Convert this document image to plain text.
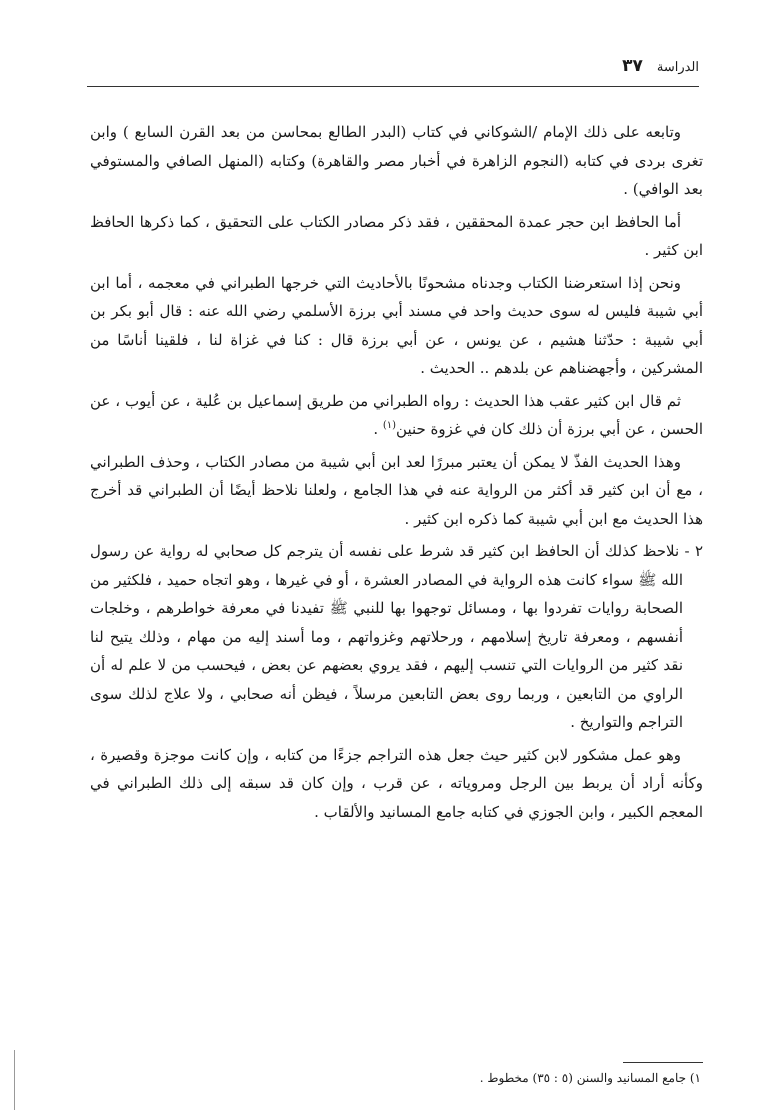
الدراسة
٣٧

وتابعه على ذلك الإمام /الشوكاني في كتاب (البدر الطالع بمحاسن من بعد القرن السابع ) وابن تغرى بردى في كتابه (النجوم الزاهرة في أخبار مصر والقاهرة) وكتابه (المنهل الصافي والمستوفي بعد الوافي) .

أما الحافظ ابن حجر عمدة المحققين ، فقد ذكر مصادر الكتاب على التحقيق ، كما ذكرها الحافظ ابن كثير .

ونحن إذا استعرضنا الكتاب وجدناه مشحونًا بالأحاديث التي خرجها الطبراني في معجمه ، أما ابن أبي شيبة فليس له سوى حديث واحد في مسند أبي برزة الأسلمي رضي الله عنه : قال أبو بكر بن أبي شيبة : حدّثنا هشيم ، عن يونس ، عن أبي برزة قال : كنا في غزاة لنا ، فلقينا أناسًا من المشركين ، وأجهضناهم عن بلدهم .. الحديث .

ثم قال ابن كثير عقب هذا الحديث : رواه الطبراني من طريق إسماعيل بن عُلية ، عن أيوب ، عن الحسن ، عن أبي برزة أن ذلك كان في غزوة حنين$^{(١)}$ .

وهذا الحديث الفذّ لا يمكن أن يعتبر مبررًا لعد ابن أبي شيبة من مصادر الكتاب ، وحذف الطبراني ، مع أن ابن كثير قد أكثر من الرواية عنه في هذا الجامع ، ولعلنا نلاحظ أيضًا أن الطبراني قد أخرج هذا الحديث مع ابن أبي شيبة كما ذكره ابن كثير .

٢ - نلاحظ كذلك أن الحافظ ابن كثير قد شرط على نفسه أن يترجم كل صحابي له رواية عن رسول الله ﷺ سواء كانت هذه الرواية في المصادر العشرة ، أو في غيرها ، وهو اتجاه حميد ، فلكثير من الصحابة روايات تفردوا بها ، ومسائل توجهوا بها للنبي ﷺ تفيدنا في معرفة خواطرهم ، وخلجات أنفسهم ، ومعرفة تاريخ إسلامهم ، ورحلاتهم وغزواتهم ، وما أسند إليه من مهام ، وذلك يتيح لنا نقد كثير من الروايات التي تنسب إليهم ، فقد يروي بعضهم عن بعض ، فيحسب من لا علم له أن الراوي من التابعين ، وربما روى بعض التابعين مرسلاً ، فيظن أنه صحابي ، ولا علاج لذلك سوى التراجم والتواريخ .

وهو عمل مشكور لابن كثير حيث جعل هذه التراجم جزءًا من كتابه ، وإن كانت موجزة وقصيرة ، وكأنه أراد أن يربط بين الرجل ومروياته ، عن قرب ، وإن كان قد سبقه إلى ذلك الطبراني في المعجم الكبير ، وابن الجوزي في كتابه جامع المسانيد والألقاب .

١) جامع المسانيد والسنن (٥ : ٣٥) مخطوط .
